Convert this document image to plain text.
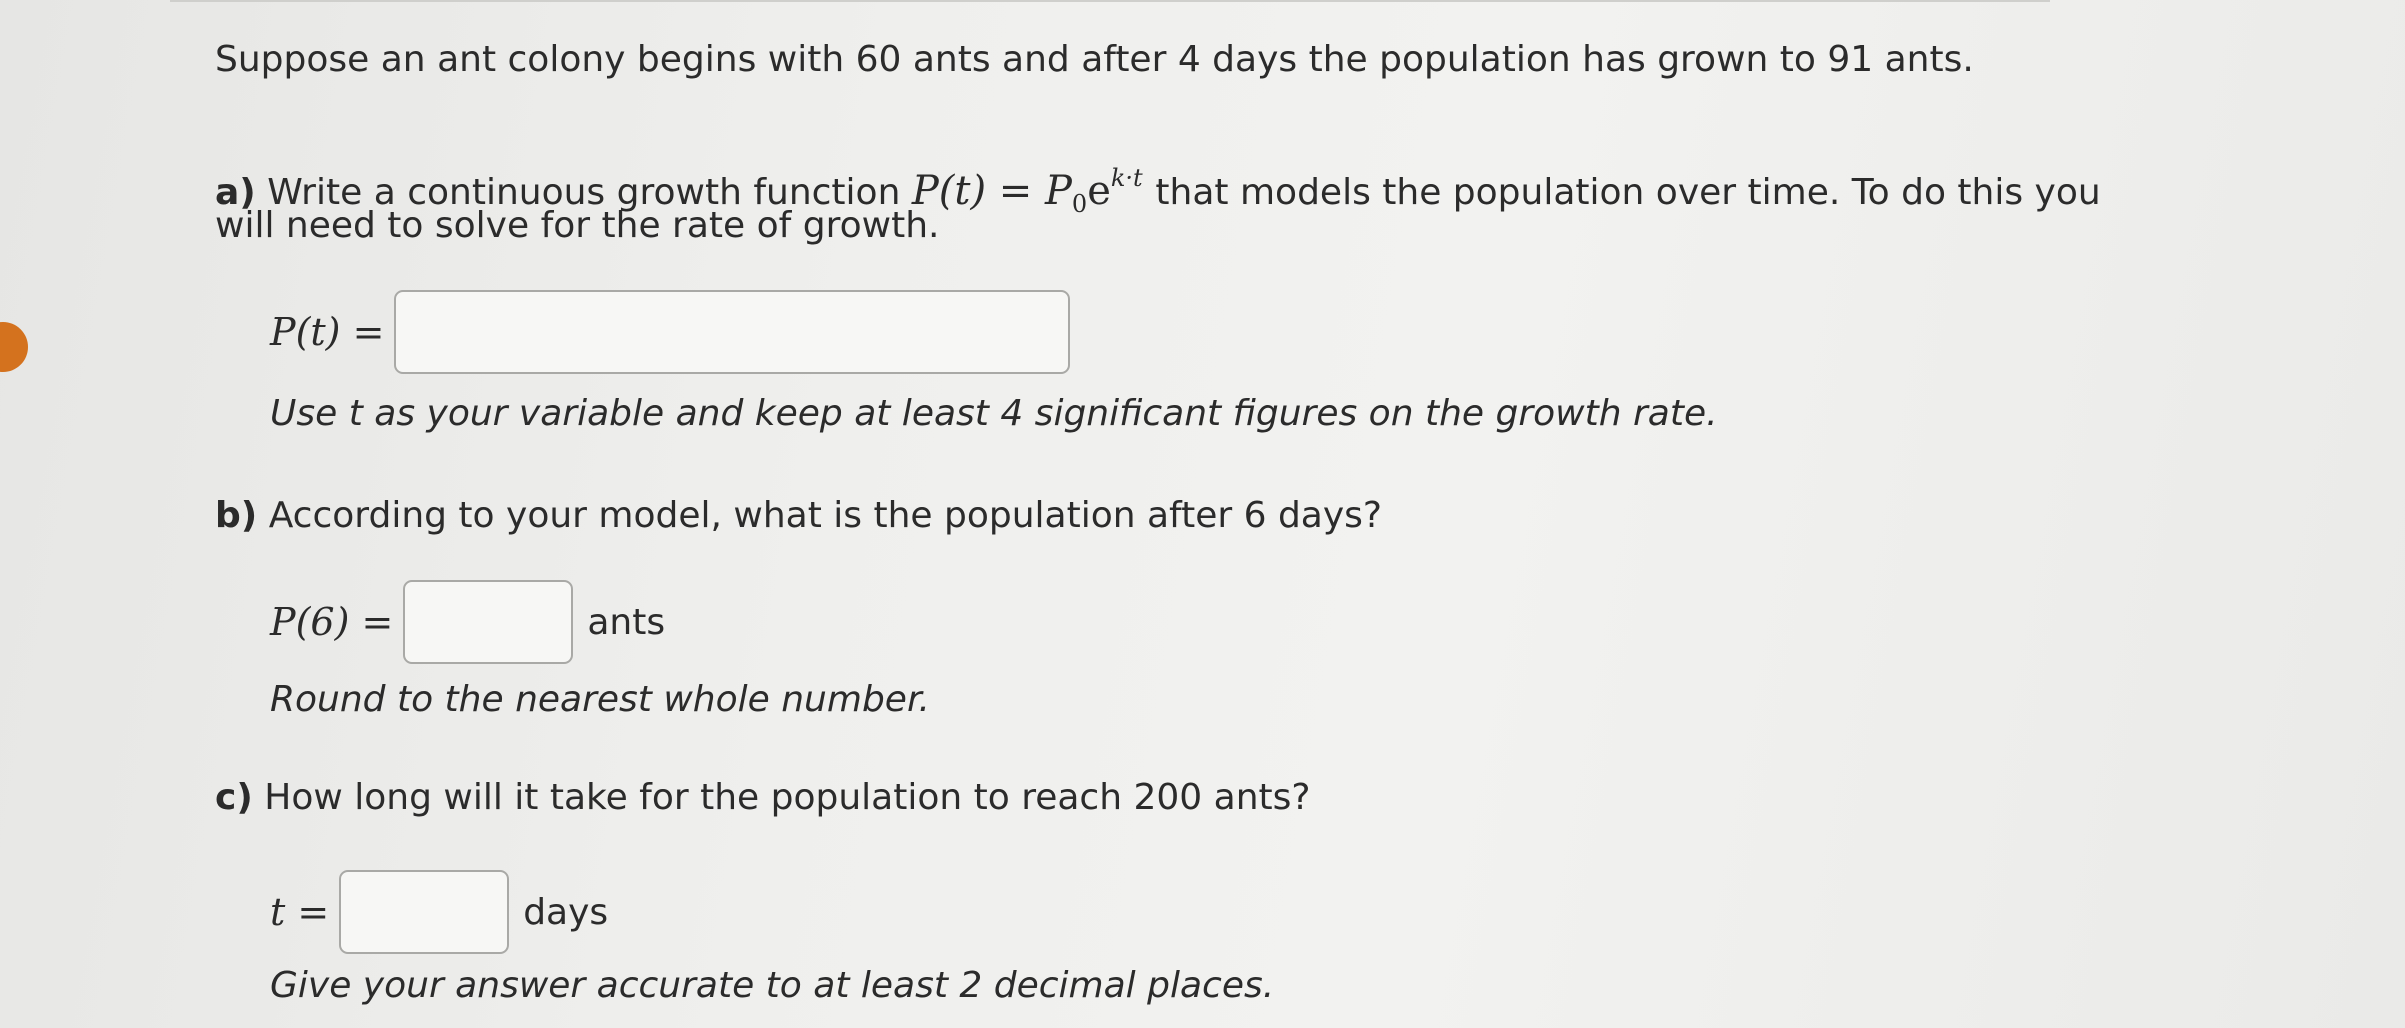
Suppose an ant colony begins with 60 ants and after 4 days the population has grown to 91 ants.
a) Write a continuous growth function $P(t) = P_0e^{k\cdot t}$ that models the population over time. To do this you
will need to solve for the rate of growth.
P(t) =
Use t as your variable and keep at least 4 significant figures on the growth rate.
b) According to your model, what is the population after 6 days?
P(6) =	ants
Round to the nearest whole number.
c) How long will it take for the population to reach 200 ants?
t =	days
Give your answer accurate to at least 2 decimal places.
